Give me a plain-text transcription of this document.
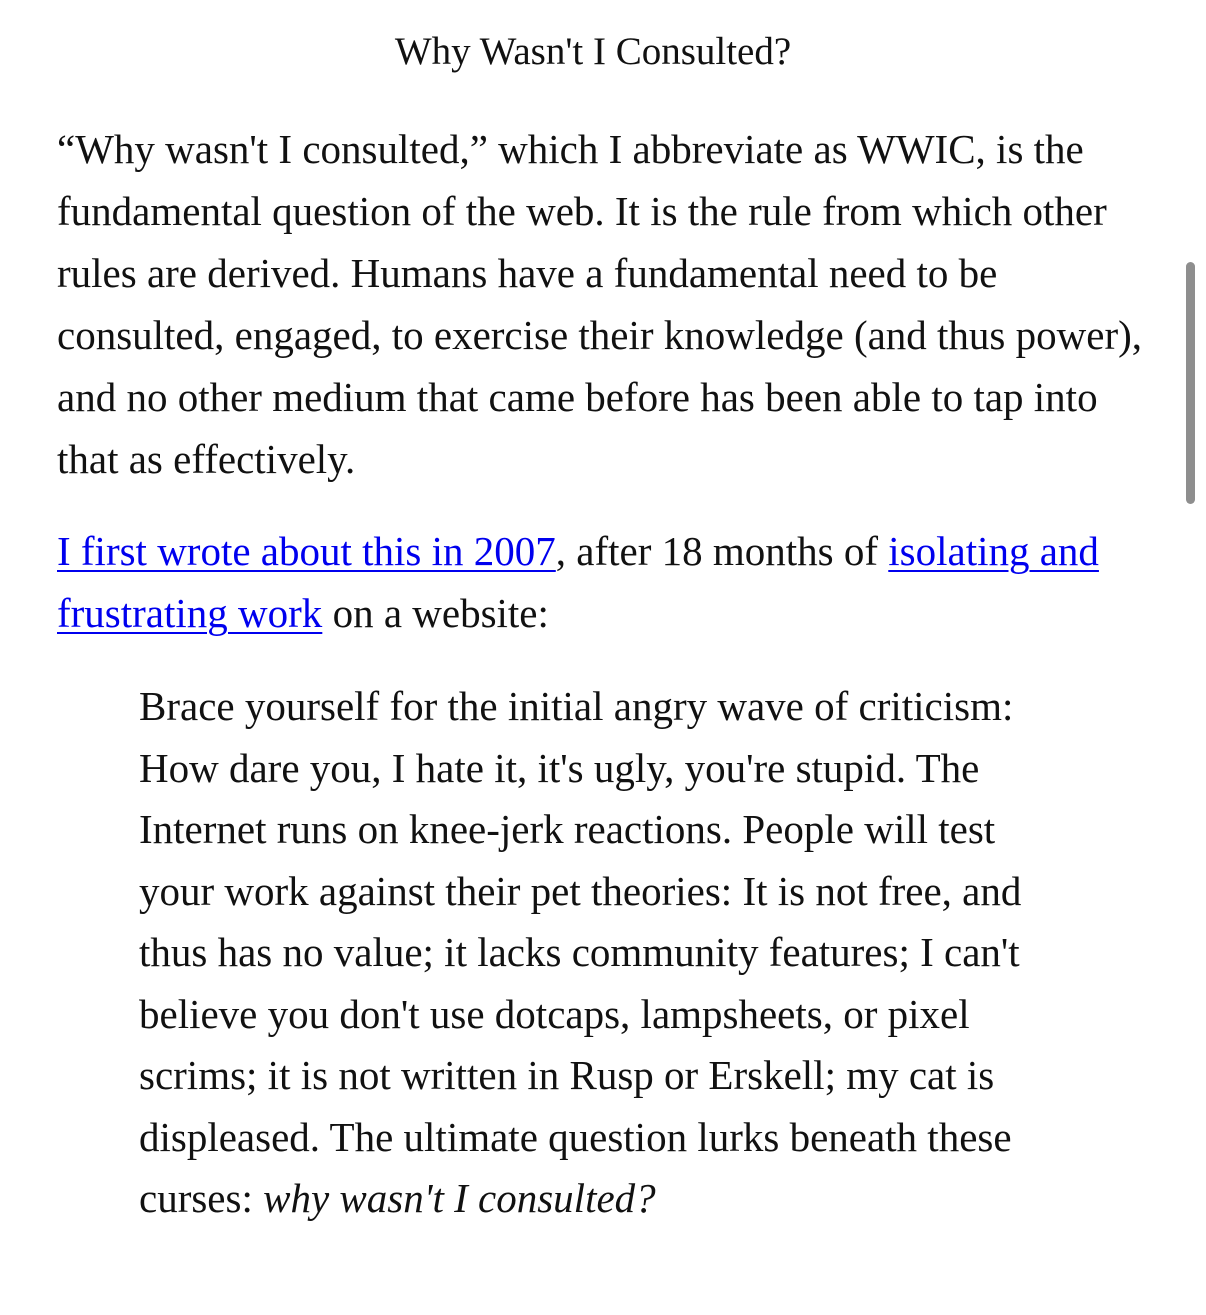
Why Wasn't I Consulted?

“Why wasn't I consulted,” which I abbreviate as WWIC, is the fundamental question of the web. It is the rule from which other rules are derived. Humans have a fundamental need to be consulted, engaged, to exercise their knowledge (and thus power), and no other medium that came before has been able to tap into that as effectively.

I first wrote about this in 2007, after 18 months of isolating and frustrating work on a website:

Brace yourself for the initial angry wave of criticism: How dare you, I hate it, it's ugly, you're stupid. The Internet runs on knee-jerk reactions. People will test your work against their pet theories: It is not free, and thus has no value; it lacks community features; I can't believe you don't use dotcaps, lampsheets, or pixel scrims; it is not written in Rusp or Erskell; my cat is displeased. The ultimate question lurks beneath these curses: why wasn't I consulted?
